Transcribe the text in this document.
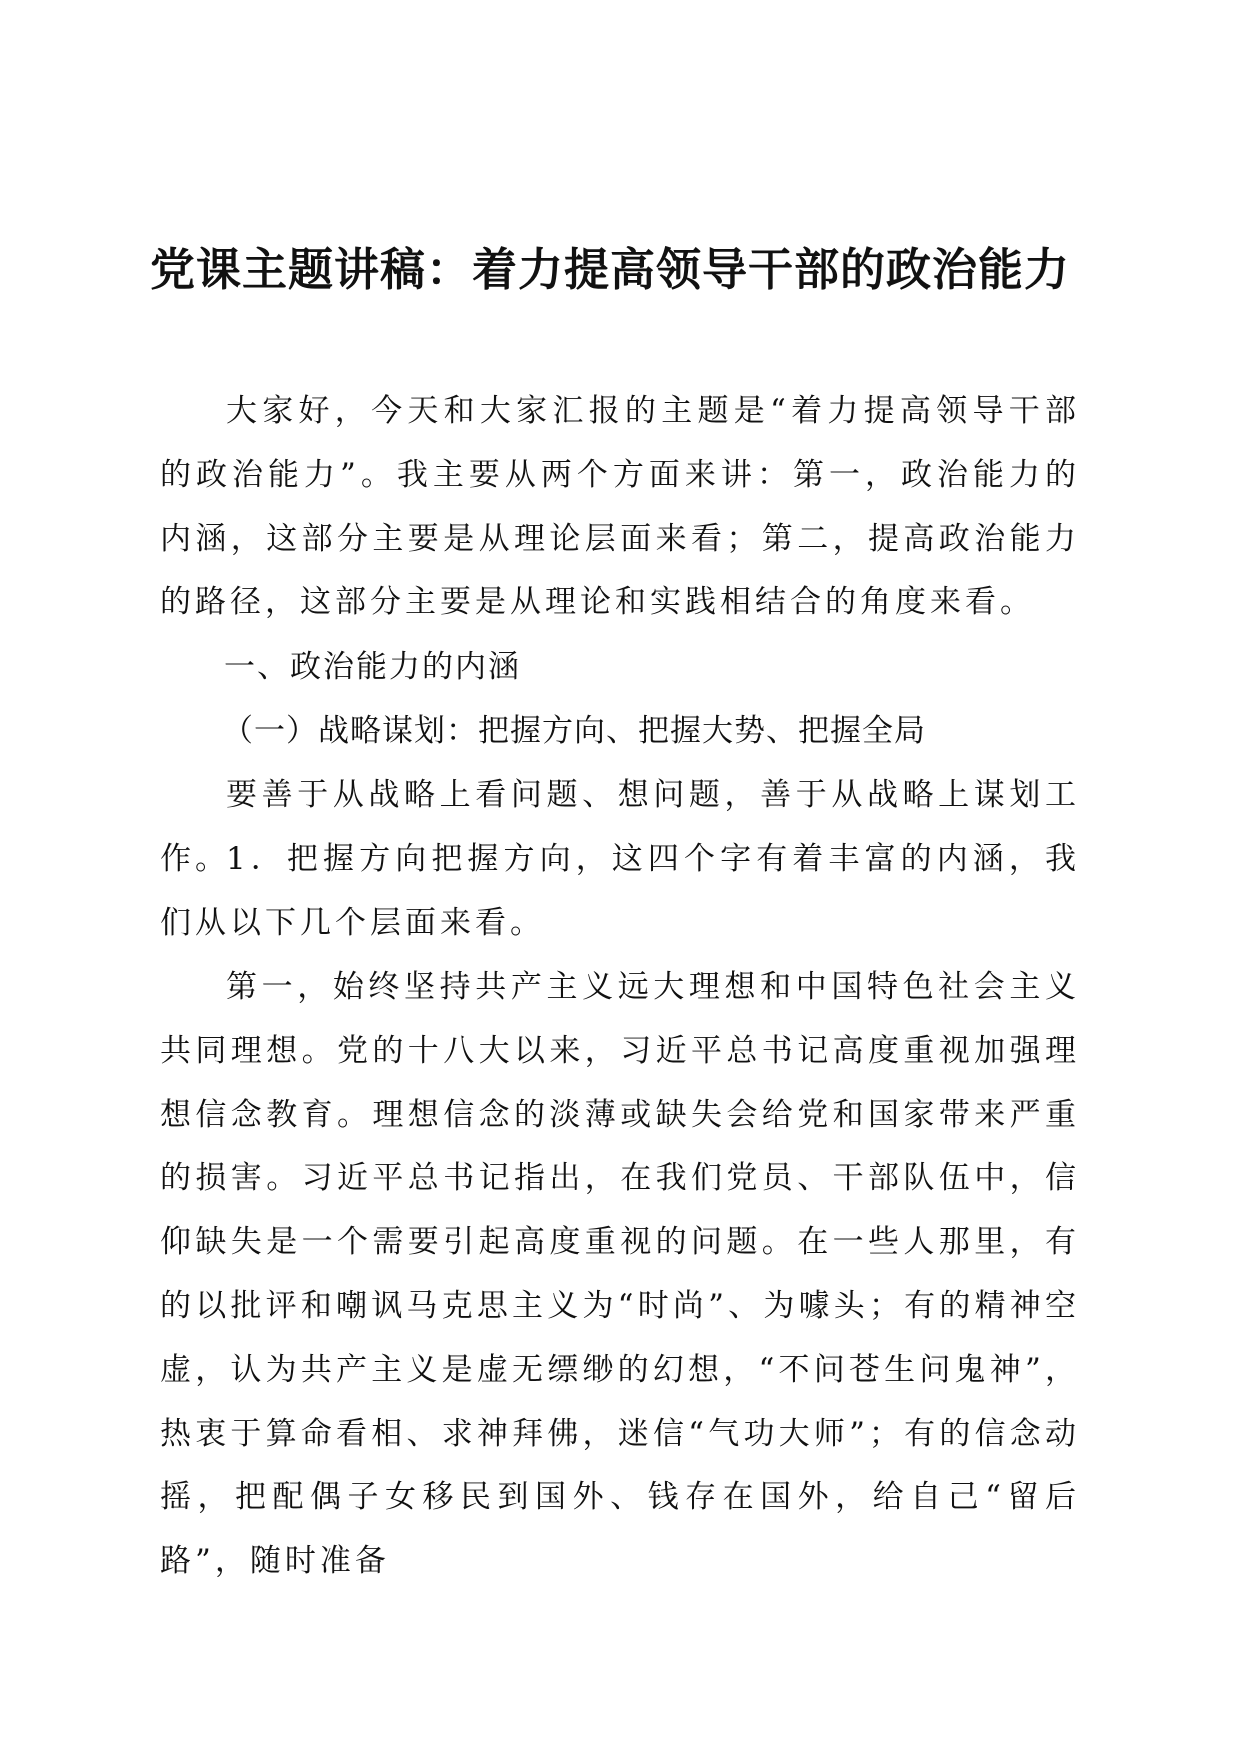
党课主题讲稿：着力提高领导干部的政治能力
大家好，今天和大家汇报的主题是“着力提高领导干部的政治能力”。我主要从两个方面来讲：第一，政治能力的内涵，这部分主要是从理论层面来看；第二，提高政治能力的路径，这部分主要是从理论和实践相结合的角度来看。
一、政治能力的内涵
（一）战略谋划：把握方向、把握大势、把握全局
要善于从战略上看问题、想问题，善于从战略上谋划工作。
1．把握方向把握方向，这四个字有着丰富的内涵，我们从以下几个层面来看。
第一，始终坚持共产主义远大理想和中国特色社会主义共同理想。党的十八大以来，习近平总书记高度重视加强理想信念教育。理想信念的淡薄或缺失会给党和国家带来严重的损害。习近平总书记指出，在我们党员、干部队伍中，信仰缺失是一个需要引起高度重视的问题。在一些人那里，有的以批评和嘲讽马克思主义为“时尚”、为噱头；有的精神空虚，认为共产主义是虚无缥缈的幻想，“不问苍生问鬼神”，热衷于算命看相、求神拜佛，迷信“气功大师”；有的信念动摇，把配偶子女移民到国外、钱存在国外，给自己“留后路”，随时准备
